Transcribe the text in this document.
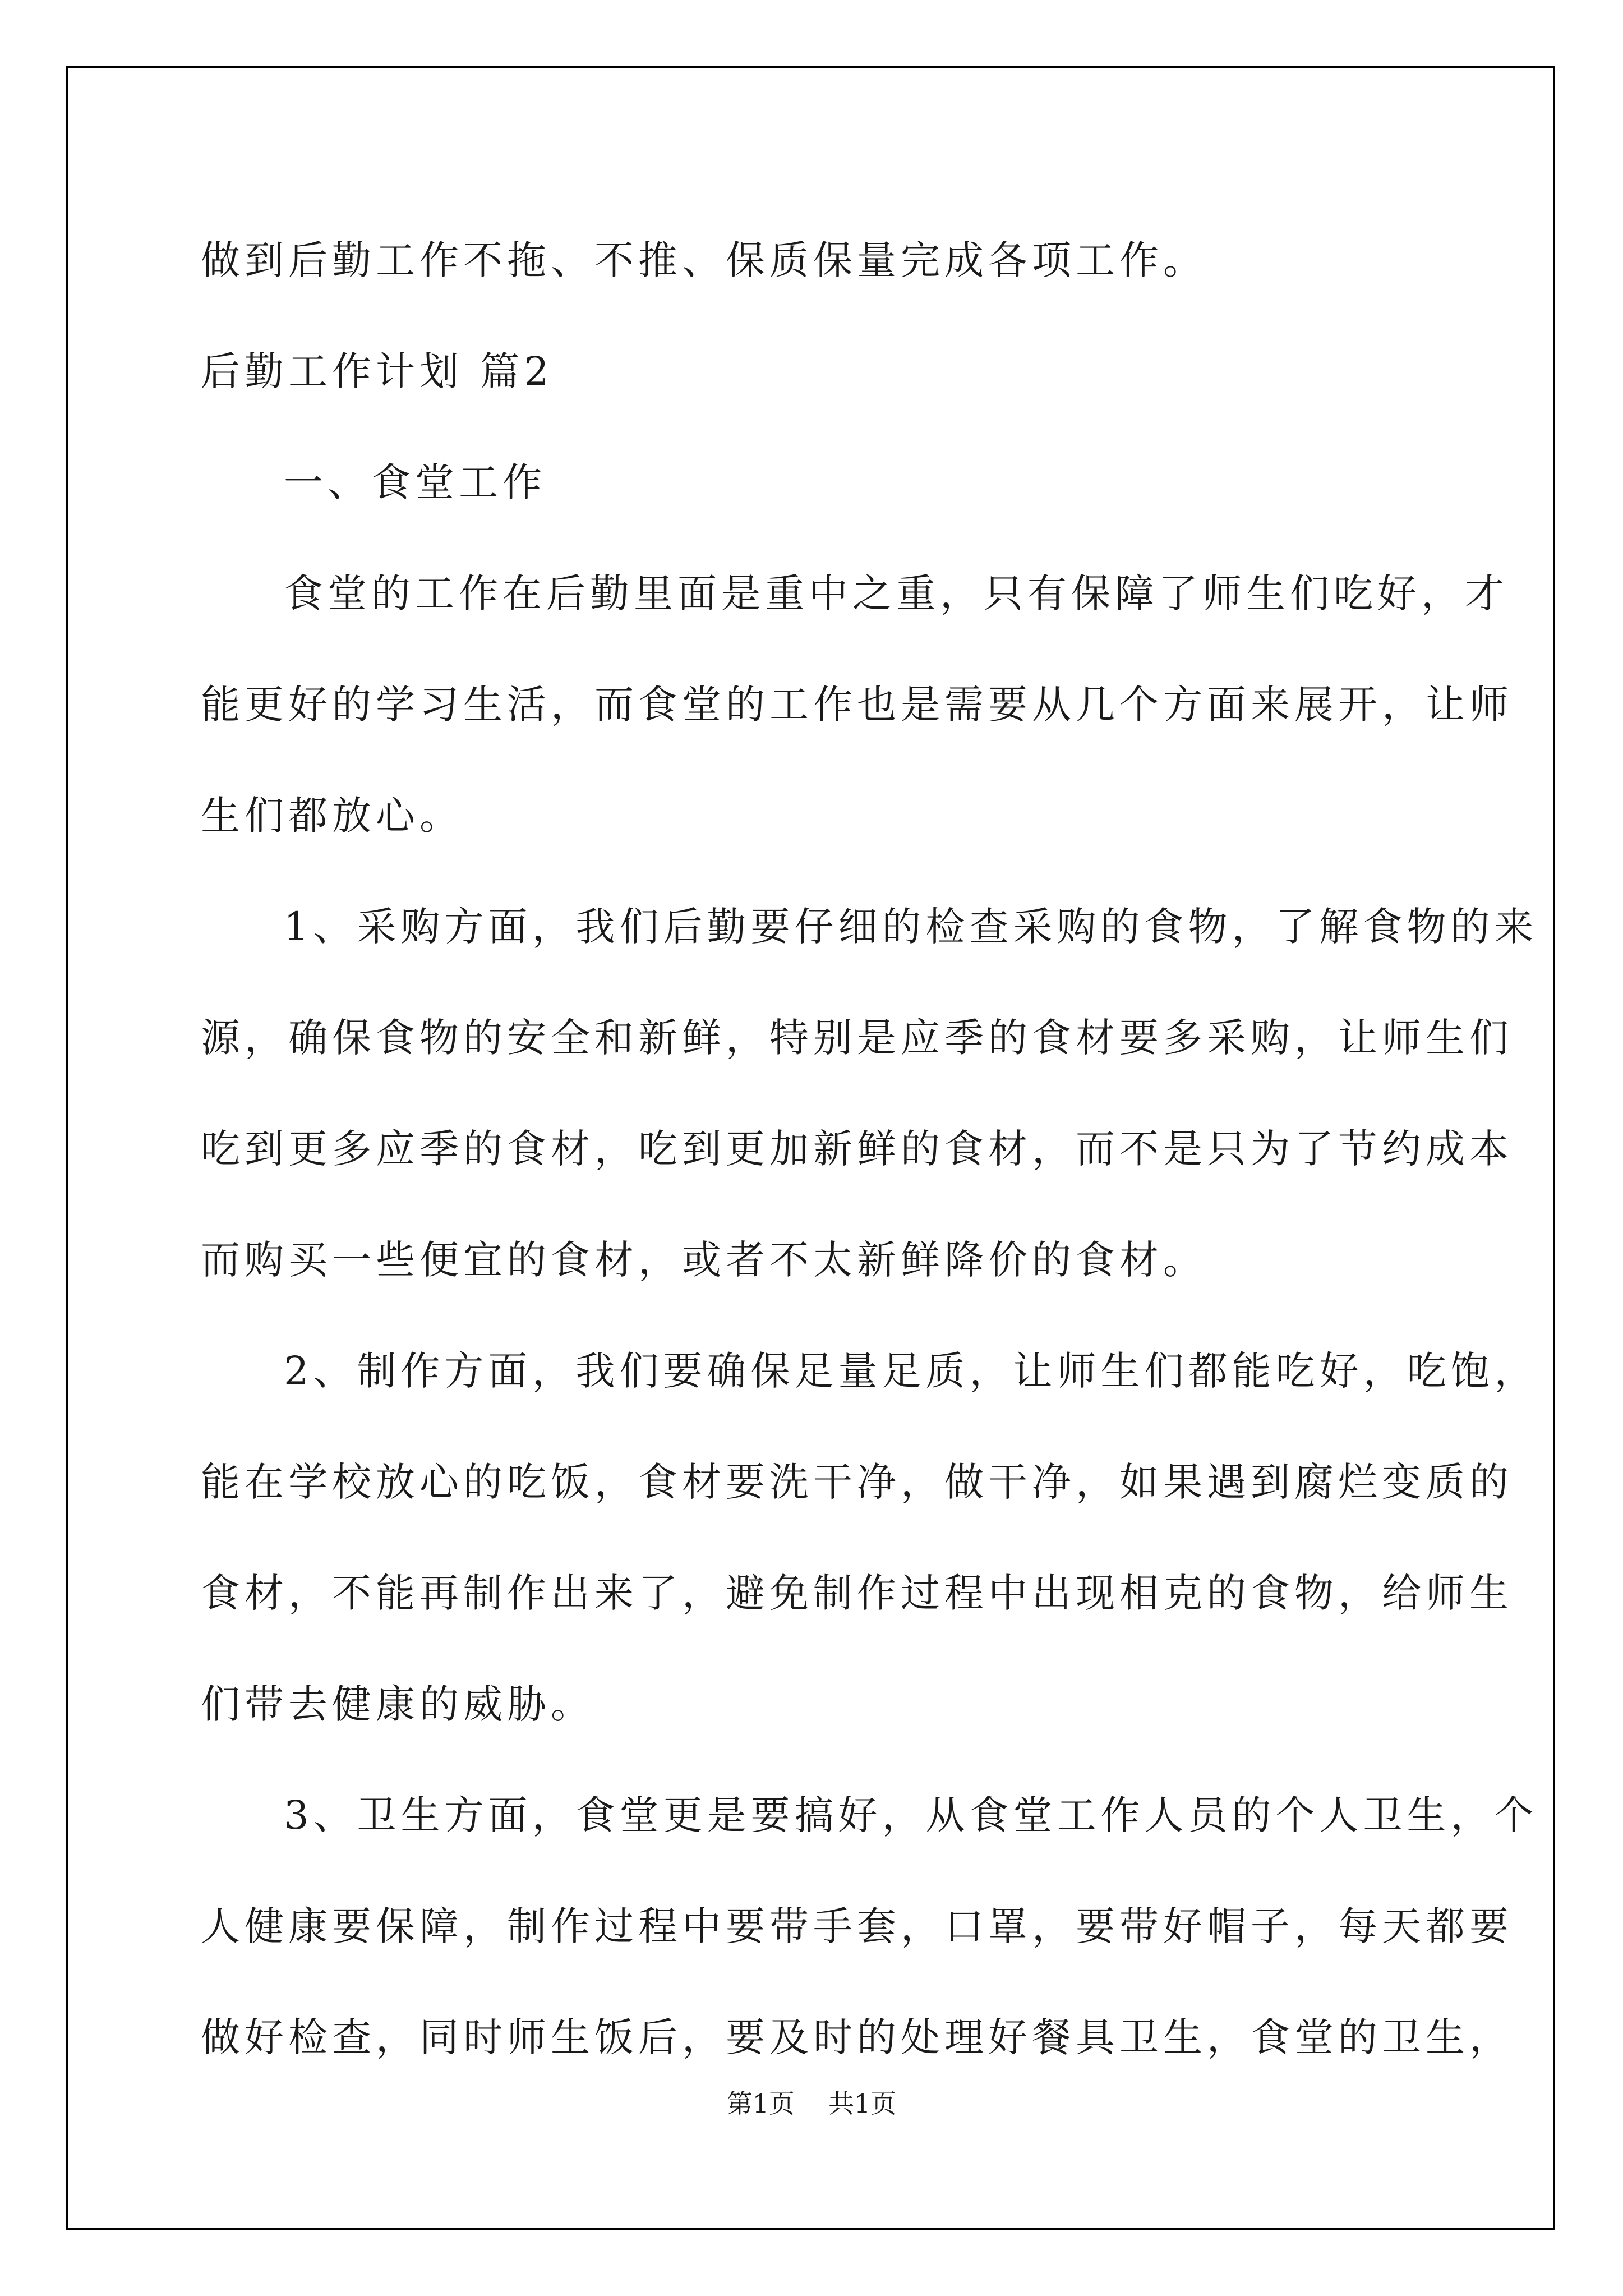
做到后勤工作不拖、不推、保质保量完成各项工作。
后勤工作计划 篇2
一、食堂工作
食堂的工作在后勤里面是重中之重，只有保障了师生们吃好，才
能更好的学习生活，而食堂的工作也是需要从几个方面来展开，让师
生们都放心。
1、采购方面，我们后勤要仔细的检查采购的食物，了解食物的来
源，确保食物的安全和新鲜，特别是应季的食材要多采购，让师生们
吃到更多应季的食材，吃到更加新鲜的食材，而不是只为了节约成本
而购买一些便宜的食材，或者不太新鲜降价的食材。
2、制作方面，我们要确保足量足质，让师生们都能吃好，吃饱，
能在学校放心的吃饭，食材要洗干净，做干净，如果遇到腐烂变质的
食材，不能再制作出来了，避免制作过程中出现相克的食物，给师生
们带去健康的威胁。
3、卫生方面，食堂更是要搞好，从食堂工作人员的个人卫生，个
人健康要保障，制作过程中要带手套，口罩，要带好帽子，每天都要
做好检查，同时师生饭后，要及时的处理好餐具卫生，食堂的卫生，
第1页 共1页
